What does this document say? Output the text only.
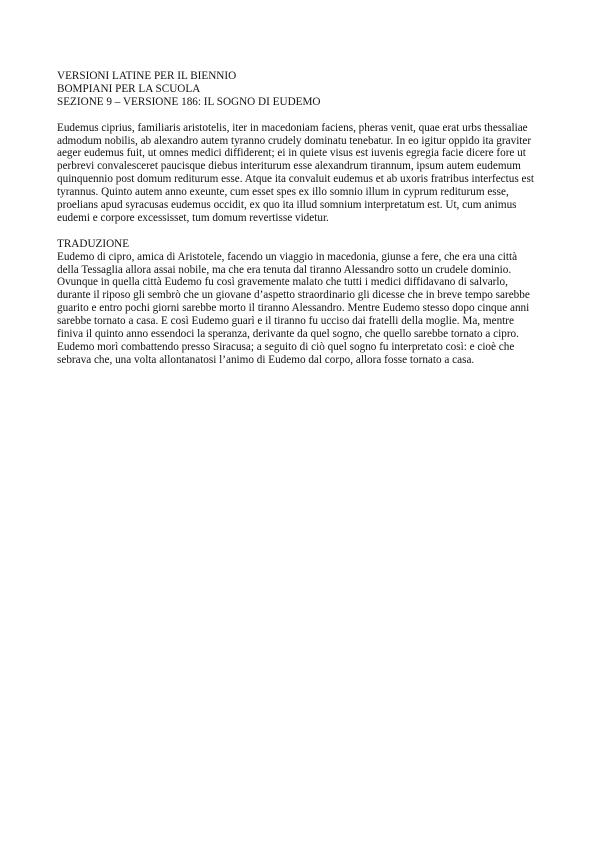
VERSIONI LATINE PER IL BIENNIO
BOMPIANI PER LA SCUOLA
SEZIONE 9 – VERSIONE 186: IL SOGNO DI EUDEMO

Eudemus ciprius, familiaris aristotelis, iter in macedoniam faciens, pheras venit, quae erat urbs thessaliae admodum nobilis, ab alexandro autem tyranno crudely dominatu tenebatur. In eo igitur oppido ita graviter aeger eudemus fuit, ut omnes medici diffiderent; ei in quiete visus est iuvenis egregia facie dicere fore ut perbrevi convalesceret paucisque diebus interiturum esse alexandrum tirannum, ipsum autem eudemum quinquennio post domum rediturum esse. Atque ita convaluit eudemus et ab uxoris fratribus interfectus est tyrannus. Quinto autem anno exeunte, cum esset spes ex illo somnio illum in cyprum rediturum esse, proelians apud syracusas eudemus occidit, ex quo ita illud somnium interpretatum est. Ut, cum animus eudemi e corpore excessisset, tum domum revertisse videtur.

TRADUZIONE

Eudemo di cipro, amica di Aristotele, facendo un viaggio in macedonia, giunse a fere, che era una città della Tessaglia allora assai nobile, ma che era tenuta dal tiranno Alessandro sotto un crudele dominio. Ovunque in quella città Eudemo fu così gravemente malato che tutti i medici diffidavano di salvarlo, durante il riposo gli sembrò che un giovane d’aspetto straordinario gli dicesse che in breve tempo sarebbe guarito e entro pochi giorni sarebbe morto il tiranno Alessandro. Mentre Eudemo stesso dopo cinque anni sarebbe tornato a casa. E così Eudemo guarì e il tiranno fu ucciso dai fratelli della moglie. Ma, mentre finiva il quinto anno essendoci la speranza, derivante da quel sogno, che quello sarebbe tornato a cipro. Eudemo morì combattendo presso Siracusa; a seguito di ciò quel sogno fu interpretato così: e cioè che sebrava che, una volta allontanatosi l’animo di Eudemo dal corpo, allora fosse tornato a casa.
